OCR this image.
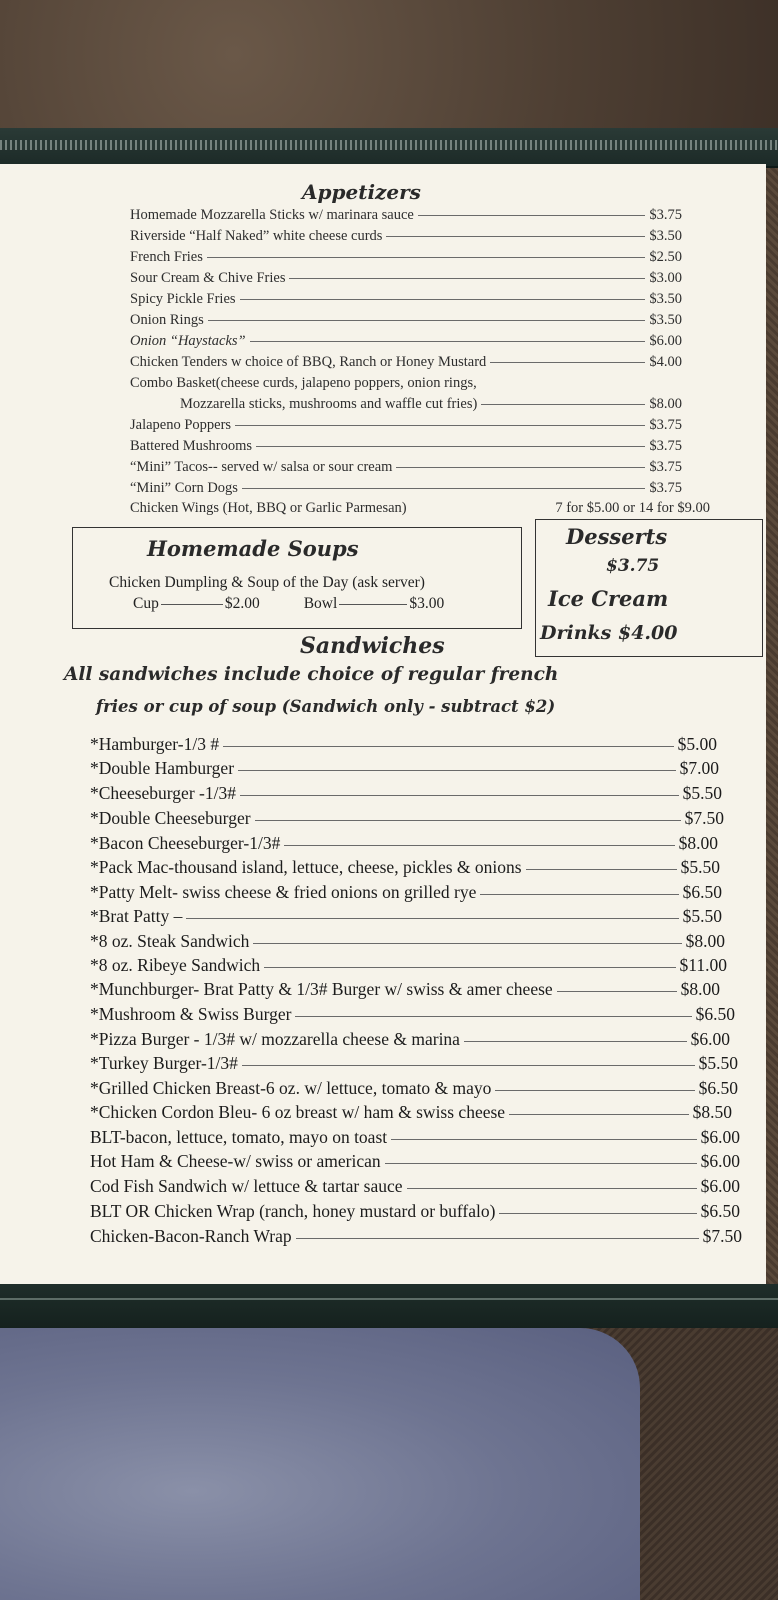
Appetizers
Homemade Mozzarella Sticks w/ marinara sauce	$3.75
Riverside “Half Naked” white cheese curds	$3.50
French Fries	$2.50
Sour Cream & Chive Fries	$3.00
Spicy Pickle Fries	$3.50
Onion Rings	$3.50
Onion “Haystacks”	$6.00
Chicken Tenders w choice of BBQ, Ranch or Honey Mustard	$4.00
Combo Basket(cheese curds, jalapeno poppers, onion rings,
Mozzarella sticks, mushrooms and waffle cut fries)	$8.00
Jalapeno Poppers	$3.75
Battered Mushrooms	$3.75
“Mini” Tacos-- served w/ salsa or sour cream	$3.75
“Mini” Corn Dogs	$3.75
Chicken Wings (Hot, BBQ or Garlic Parmesan)	7 for $5.00 or 14 for $9.00
Homemade Soups
Chicken Dumpling & Soup of the Day (ask server)
Cup	$2.00	Bowl	$3.00
Desserts
$3.75
Ice Cream
Drinks $4.00
Sandwiches
All sandwiches include choice of regular french
fries or cup of soup (Sandwich only - subtract $2)
*Hamburger-1/3 #	$5.00
*Double Hamburger	$7.00
*Cheeseburger -1/3#	$5.50
*Double Cheeseburger	$7.50
*Bacon Cheeseburger-1/3#	$8.00
*Pack Mac-thousand island, lettuce, cheese, pickles & onions	$5.50
*Patty Melt- swiss cheese & fried onions on grilled rye	$6.50
*Brat Patty –	$5.50
*8 oz. Steak Sandwich	$8.00
*8 oz. Ribeye Sandwich	$11.00
*Munchburger- Brat Patty & 1/3# Burger w/ swiss & amer cheese	$8.00
*Mushroom & Swiss Burger	$6.50
*Pizza Burger - 1/3# w/ mozzarella cheese & marina	$6.00
*Turkey Burger-1/3#	$5.50
*Grilled Chicken Breast-6 oz. w/ lettuce, tomato & mayo	$6.50
*Chicken Cordon Bleu- 6 oz breast w/ ham & swiss cheese	$8.50
BLT-bacon, lettuce, tomato, mayo on toast	$6.00
Hot Ham & Cheese-w/ swiss or american	$6.00
Cod Fish Sandwich w/ lettuce & tartar sauce	$6.00
BLT OR Chicken Wrap (ranch, honey mustard or buffalo)	$6.50
Chicken-Bacon-Ranch Wrap	$7.50
